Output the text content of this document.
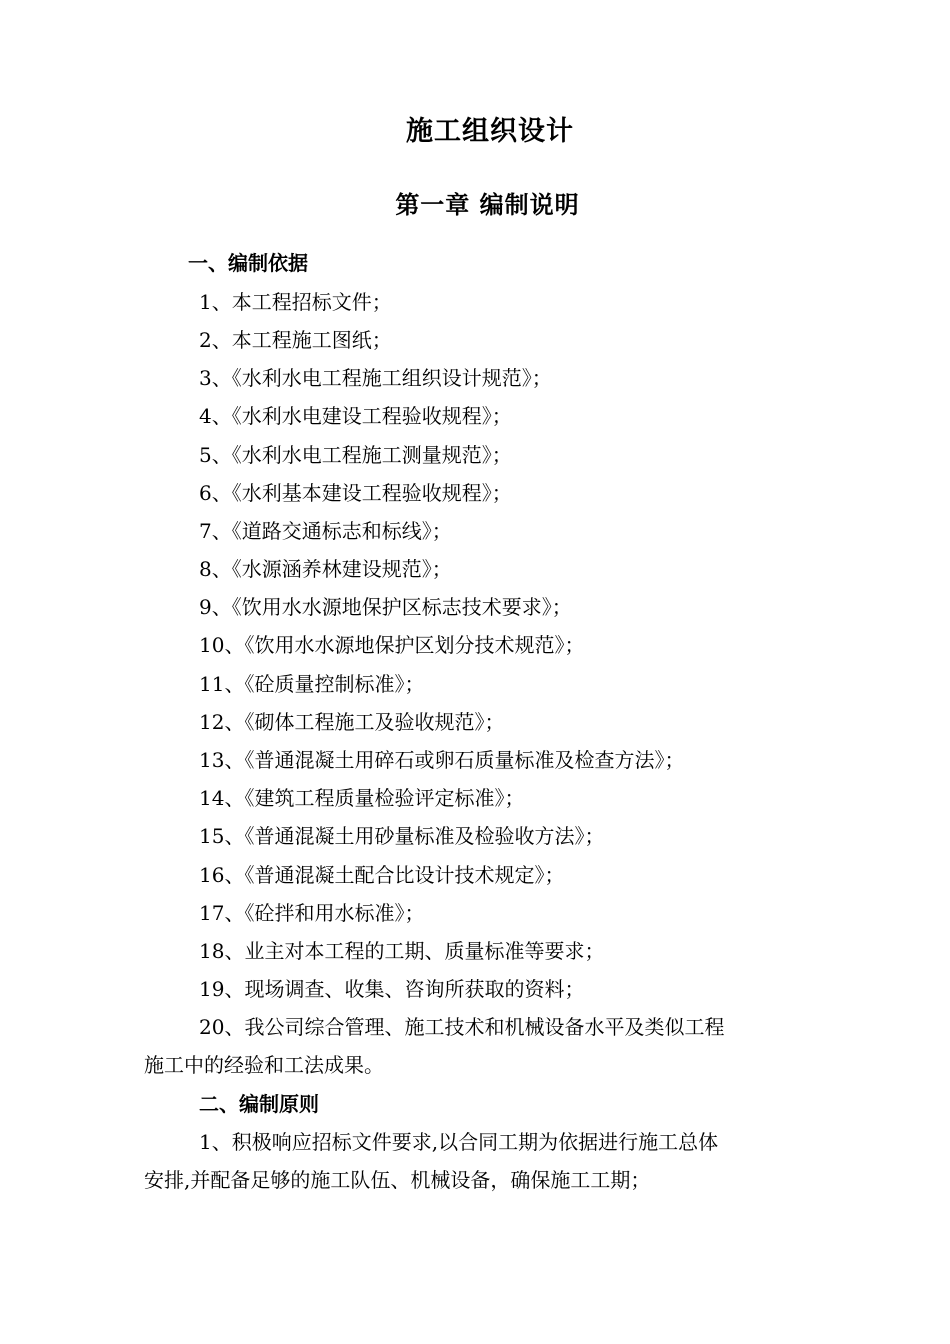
施工组织设计
第一章 编制说明
一、编制依据
1、本工程招标文件；
2、本工程施工图纸；
3、《水利水电工程施工组织设计规范》；
4、《水利水电建设工程验收规程》；
5、《水利水电工程施工测量规范》；
6、《水利基本建设工程验收规程》；
7、《道路交通标志和标线》；
8、《水源涵养林建设规范》；
9、《饮用水水源地保护区标志技术要求》；
10、《饮用水水源地保护区划分技术规范》；
11、《砼质量控制标准》；
12、《砌体工程施工及验收规范》；
13、《普通混凝土用碎石或卵石质量标准及检查方法》；
14、《建筑工程质量检验评定标准》；
15、《普通混凝土用砂量标准及检验收方法》；
16、《普通混凝土配合比设计技术规定》；
17、《砼拌和用水标准》；
18、业主对本工程的工期、质量标准等要求；
19、现场调查、收集、咨询所获取的资料；
20、我公司综合管理、施工技术和机械设备水平及类似工程
施工中的经验和工法成果。
二、编制原则
1、积极响应招标文件要求,以合同工期为依据进行施工总体
安排,并配备足够的施工队伍、机械设备，确保施工工期；
